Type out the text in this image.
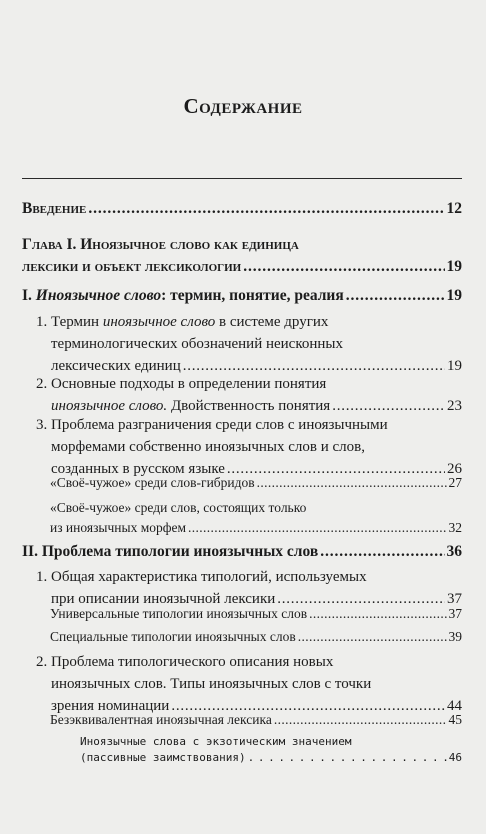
Содержание
Введение . . .	12
Глава I. Иноязычное слово как единица
лексики и объект лексикологии . . .	19
I. Иноязычное слово: термин, понятие, реалия . . .	19
1. Термин иноязычное слово в системе других
терминологических обозначений неисконных
лексических единиц . . .	19
2. Основные подходы в определении понятия
иноязычное слово. Двойственность понятия . . .	23
3. Проблема разграничения среди слов с иноязычными
морфемами собственно иноязычных слов и слов,
созданных в русском языке . . .	26
«Своё-чужое» среди слов-гибридов . . .	27
«Своё-чужое» среди слов, состоящих только
из иноязычных морфем . . .	32
II. Проблема типологии иноязычных слов . . .	36
1. Общая характеристика типологий, используемых
при описании иноязычной лексики . . .	37
Универсальные типологии иноязычных слов . . .	37
Специальные типологии иноязычных слов . . .	39
2. Проблема типологического описания новых
иноязычных слов. Типы иноязычных слов с точки
зрения номинации . . .	44
Безэквивалентная иноязычная лексика . . .	45
Иноязычные слова с экзотическим значением
(пассивные заимствования) . . .	46
